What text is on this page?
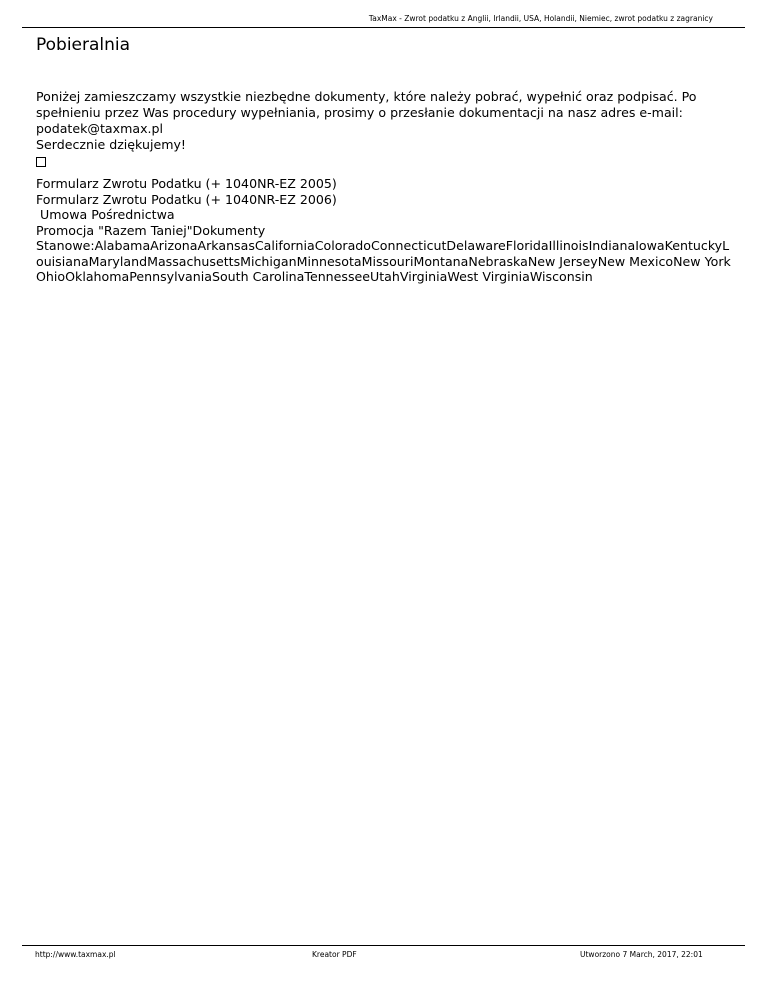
TaxMax - Zwrot podatku z Anglii, Irlandii, USA, Holandii, Niemiec, zwrot podatku z zagranicy
Pobieralnia

Poniżej zamieszczamy wszystkie niezbędne dokumenty, które należy pobrać, wypełnić oraz podpisać. Po spełnieniu przez Was procedury wypełniania, prosimy o przesłanie dokumentacji na nasz adres e-mail:

podatek@taxmax.pl

Serdecznie dziękujemy!

Formularz Zwrotu Podatku (+ 1040NR-EZ 2005)
Formularz Zwrotu Podatku (+ 1040NR-EZ 2006)
Umowa Pośrednictwa
Promocja "Razem Taniej"Dokumenty
Stanowe:AlabamaArizonaArkansasCaliforniaColoradoConnecticutDelawareFloridaIllinoisIndianaIowaKentuckyLouisianaMarylandMassachusettsMichiganMinnesotaMissouriMontanaNebraskaNew JerseyNew MexicoNew YorkOhioOklahomaPennsylvaniaSouth CarolinaTennesseeUtahVirginiaWest VirginiaWisconsin
http://www.taxmax.pl	Kreator PDF	Utworzono 7 March, 2017, 22:01
